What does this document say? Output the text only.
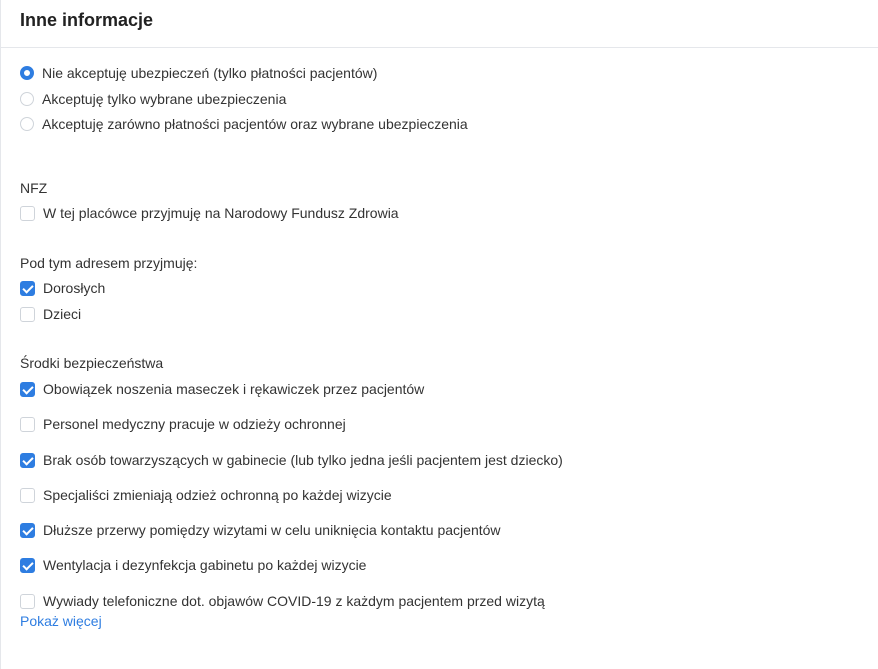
Inne informacje
Nie akceptuję ubezpieczeń (tylko płatności pacjentów)
Akceptuję tylko wybrane ubezpieczenia
Akceptuję zarówno płatności pacjentów oraz wybrane ubezpieczenia
NFZ
W tej placówce przyjmuję na Narodowy Fundusz Zdrowia
Pod tym adresem przyjmuję:
Dorosłych
Dzieci
Środki bezpieczeństwa
Obowiązek noszenia maseczek i rękawiczek przez pacjentów
Personel medyczny pracuje w odzieży ochronnej
Brak osób towarzyszących w gabinecie (lub tylko jedna jeśli pacjentem jest dziecko)
Specjaliści zmieniają odzież ochronną po każdej wizycie
Dłuższe przerwy pomiędzy wizytami w celu uniknięcia kontaktu pacjentów
Wentylacja i dezynfekcja gabinetu po każdej wizycie
Wywiady telefoniczne dot. objawów COVID-19 z każdym pacjentem przed wizytą
Pokaż więcej
